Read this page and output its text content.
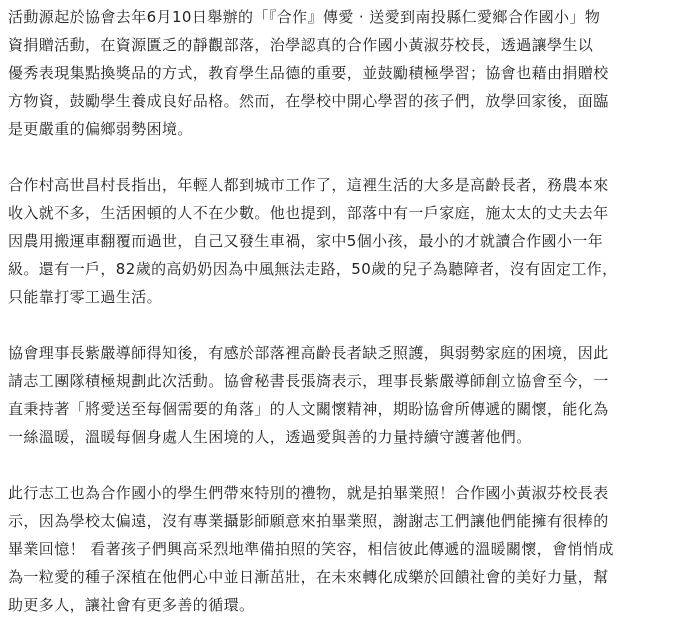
活動源起於協會去年6月10日舉辦的「『合作』傳愛 ‧ 送愛到南投縣仁愛鄉合作國小」物
資捐贈活動，在資源匱乏的靜觀部落，治學認真的合作國小黃淑芬校長，透過讓學生以
優秀表現集點換獎品的方式，教育學生品德的重要，並鼓勵積極學習；協會也藉由捐贈校
方物資，鼓勵學生養成良好品格。然而，在學校中開心學習的孩子們，放學回家後，面臨
是更嚴重的偏鄉弱勢困境。
合作村高世昌村長指出，年輕人都到城市工作了，這裡生活的大多是高齡長者，務農本來
收入就不多，生活困頓的人不在少數。他也提到，部落中有一戶家庭，施太太的丈夫去年
因農用搬運車翻覆而過世，自己又發生車禍，家中5個小孩，最小的才就讀合作國小一年
級。還有一戶，82歲的高奶奶因為中風無法走路，50歲的兒子為聽障者，沒有固定工作，
只能靠打零工過生活。
協會理事長紫嚴導師得知後，有感於部落裡高齡長者缺乏照護，與弱勢家庭的困境，因此
請志工團隊積極規劃此次活動。協會秘書長張旖表示，理事長紫嚴導師創立協會至今，一
直秉持著「將愛送至每個需要的角落」的人文關懷精神，期盼協會所傳遞的關懷，能化為
一絲溫暖，溫暖每個身處人生困境的人，透過愛與善的力量持續守護著他們。
此行志工也為合作國小的學生們帶來特別的禮物，就是拍畢業照！合作國小黃淑芬校長表
示，因為學校太偏遠，沒有專業攝影師願意來拍畢業照，謝謝志工們讓他們能擁有很棒的
畢業回憶！ 看著孩子們興高采烈地準備拍照的笑容，相信彼此傳遞的溫暖關懷，會悄悄成
為一粒愛的種子深植在他們心中並日漸茁壯，在未來轉化成樂於回饋社會的美好力量，幫
助更多人，讓社會有更多善的循環。
